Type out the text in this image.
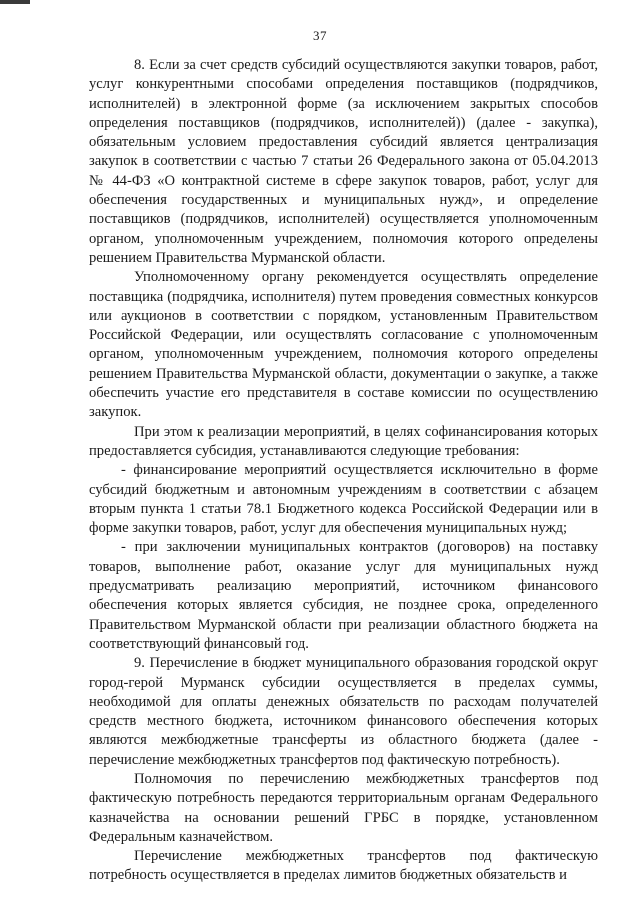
37

8. Если за счет средств субсидий осуществляются закупки товаров, работ, услуг конкурентными способами определения поставщиков (подрядчиков, исполнителей) в электронной форме (за исключением закрытых способов определения поставщиков (подрядчиков, исполнителей)) (далее - закупка), обязательным условием предоставления субсидий является централизация закупок в соответствии с частью 7 статьи 26 Федерального закона от 05.04.2013 № 44-ФЗ «О контрактной системе в сфере закупок товаров, работ, услуг для обеспечения государственных и муниципальных нужд», и определение поставщиков (подрядчиков, исполнителей) осуществляется уполномоченным органом, уполномоченным учреждением, полномочия которого определены решением Правительства Мурманской области.

Уполномоченному органу рекомендуется осуществлять определение поставщика (подрядчика, исполнителя) путем проведения совместных конкурсов или аукционов в соответствии с порядком, установленным Правительством Российской Федерации, или осуществлять согласование с уполномоченным органом, уполномоченным учреждением, полномочия которого определены решением Правительства Мурманской области, документации о закупке, а также обеспечить участие его представителя в составе комиссии по осуществлению закупок.

При этом к реализации мероприятий, в целях софинансирования которых предоставляется субсидия, устанавливаются следующие требования:

- финансирование мероприятий осуществляется исключительно в форме субсидий бюджетным и автономным учреждениям в соответствии с абзацем вторым пункта 1 статьи 78.1 Бюджетного кодекса Российской Федерации или в форме закупки товаров, работ, услуг для обеспечения муниципальных нужд;

- при заключении муниципальных контрактов (договоров) на поставку товаров, выполнение работ, оказание услуг для муниципальных нужд предусматривать реализацию мероприятий, источником финансового обеспечения которых является субсидия, не позднее срока, определенного Правительством Мурманской области при реализации областного бюджета на соответствующий финансовый год.

9. Перечисление в бюджет муниципального образования городской округ город-герой Мурманск субсидии осуществляется в пределах суммы, необходимой для оплаты денежных обязательств по расходам получателей средств местного бюджета, источником финансового обеспечения которых являются межбюджетные трансферты из областного бюджета (далее - перечисление межбюджетных трансфертов под фактическую потребность).

Полномочия по перечислению межбюджетных трансфертов под фактическую потребность передаются территориальным органам Федерального казначейства на основании решений ГРБС в порядке, установленном Федеральным казначейством.

Перечисление межбюджетных трансфертов под фактическую потребность осуществляется в пределах лимитов бюджетных обязательств и
